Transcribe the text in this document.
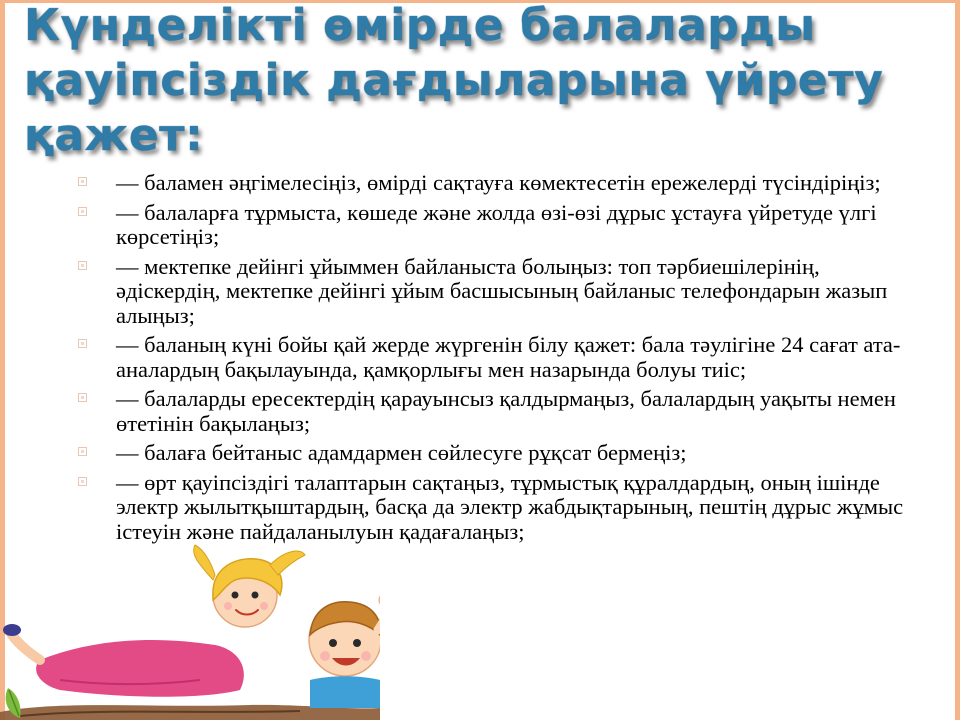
Күнделікті өмірде балаларды қауіпсіздік дағдыларына үйрету қажет:
— баламен әңгімелесіңіз, өмірді сақтауға көмектесетін ережелерді түсіндіріңіз;
— балаларға тұрмыста, көшеде және жолда өзі-өзі дұрыс ұстауға үйретуде үлгі көрсетіңіз;
— мектепке дейінгі ұйыммен байланыста болыңыз: топ тәрбиешілерінің, әдіскердің, мектепке дейінгі ұйым басшысының байланыс телефондарын жазып алыңыз;
— баланың күні бойы қай жерде жүргенін білу қажет: бала тәулігіне 24 сағат ата-аналардың бақылауында, қамқорлығы мен назарында болуы тиіс;
— балаларды ересектердің қарауынсыз қалдырмаңыз, балалардың уақыты немен өтетінін бақылаңыз;
— балаға бейтаныс адамдармен сөйлесуге рұқсат бермеңіз;
— өрт қауіпсіздігі талаптарын сақтаңыз, тұрмыстық құралдардың, оның ішінде электр жылытқыштардың, басқа да электр жабдықтарының, пештің дұрыс жұмыс істеуін және пайдаланылуын қадағалаңыз;
